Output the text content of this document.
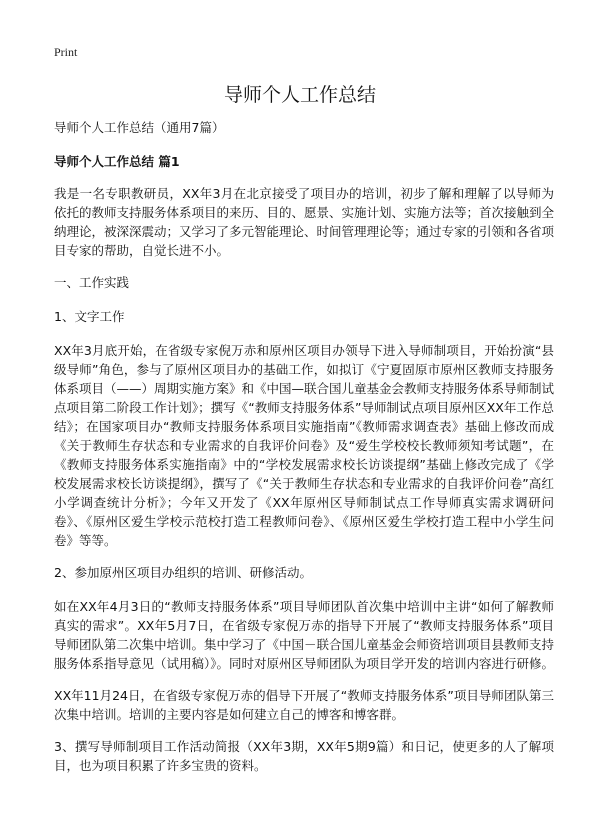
Print
导师个人工作总结

导师个人工作总结（通用7篇）

导师个人工作总结 篇1

我是一名专职教研员，XX年3月在北京接受了项目办的培训，初步了解和理解了以导师为依托的教师支持服务体系项目的来历、目的、愿景、实施计划、实施方法等；首次接触到全纳理论，被深深震动；又学习了多元智能理论、时间管理理论等；通过专家的引领和各省项目专家的帮助，自觉长进不小。

一、工作实践

1、文字工作

XX年3月底开始，在省级专家倪万赤和原州区项目办领导下进入导师制项目，开始扮演“县级导师”角色，参与了原州区项目办的基础工作，如拟订《宁夏固原市原州区教师支持服务体系项目（——）周期实施方案》和《中国—联合国儿童基金会教师支持服务体系导师制试点项目第二阶段工作计划》；撰写《“教师支持服务体系”导师制试点项目原州区XX年工作总结》；在国家项目办“教师支持服务体系项目实施指南”《教师需求调查表》基础上修改而成《关于教师生存状态和专业需求的自我评价问卷》及“爱生学校校长教师须知考试题”，在《教师支持服务体系实施指南》中的“学校发展需求校长访谈提纲”基础上修改完成了《学校发展需求校长访谈提纲》，撰写了《“关于教师生存状态和专业需求的自我评价问卷”高红小学调查统计分析》；今年又开发了《XX年原州区导师制试点工作导师真实需求调研问卷》、《原州区爱生学校示范校打造工程教师问卷》、《原州区爱生学校打造工程中小学生问卷》等等。

2、参加原州区项目办组织的培训、研修活动。

如在XX年4月3日的“教师支持服务体系”项目导师团队首次集中培训中主讲“如何了解教师真实的需求”。XX年5月7日，在省级专家倪万赤的指导下开展了“教师支持服务体系”项目导师团队第二次集中培训。集中学习了《中国－联合国儿童基金会师资培训项目县教师支持服务体系指导意见（试用稿）》。同时对原州区导师团队为项目学开发的培训内容进行研修。

XX年11月24日，在省级专家倪万赤的倡导下开展了“教师支持服务体系”项目导师团队第三次集中培训。培训的主要内容是如何建立自己的博客和博客群。

3、撰写导师制项目工作活动简报（XX年3期，XX年5期9篇）和日记，使更多的人了解项目，也为项目积累了许多宝贵的资料。
